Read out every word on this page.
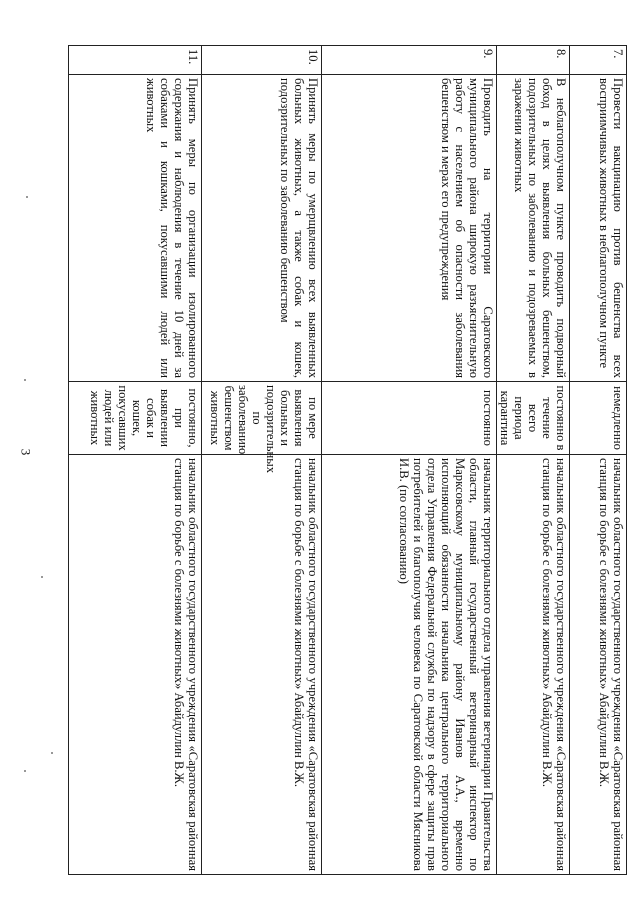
3
7.	Провести вакцинацию против бешенства всех восприимчивых животных в неблагополучном пункте	немедленно	начальник областного государственного учреждения «Саратовская районная станция по борьбе с болезнями животных» Абайдуллин В.Ж.
8.	В неблагополучном пункте проводить подворный обход в целях выявления больных бешенством, подозрительных по заболеванию и подозреваемых в заражении животных	постоянно в течение всего периода карантина	начальник областного государственного учреждения «Саратовская районная станция по борьбе с болезнями животных» Абайдуллин В.Ж.
9.	Проводить на территории Саратовского муниципального района широкую разъяснительную работу с населением об опасности заболевания бешенством и мерах его предупреждения	постоянно	начальник территориального отдела управления ветеринарии Правительства области, главный государственный ветеринарный инспектор по Марксовскому муниципальному району Иванов А.А., временно исполняющий обязанности начальника центрального территориального отдела Управления Федеральной службы по надзору в сфере защиты прав потребителей и благополучия человека по Саратовской области Мясникова И.В. (по согласованию)
10.	Принять меры по умерщвлению всех выявленных больных животных, а также собак и кошек, подозрительных по заболеванию бешенством	по мере выявления больных и подозрительных по заболеванию бешенством животных	начальник областного государственного учреждения «Саратовская районная станция по борьбе с болезнями животных» Абайдуллин В.Ж.
11.	Принять меры по организации изолированного содержания и наблюдения в течение 10 дней за собаками и кошками, покусавшими людей или животных	постоянно, при выявлении собак и кошек, покусавших людей или животных	начальник областного государственного учреждения «Саратовская районная станция по борьбе с болезнями животных» Абайдуллин В.Ж.
